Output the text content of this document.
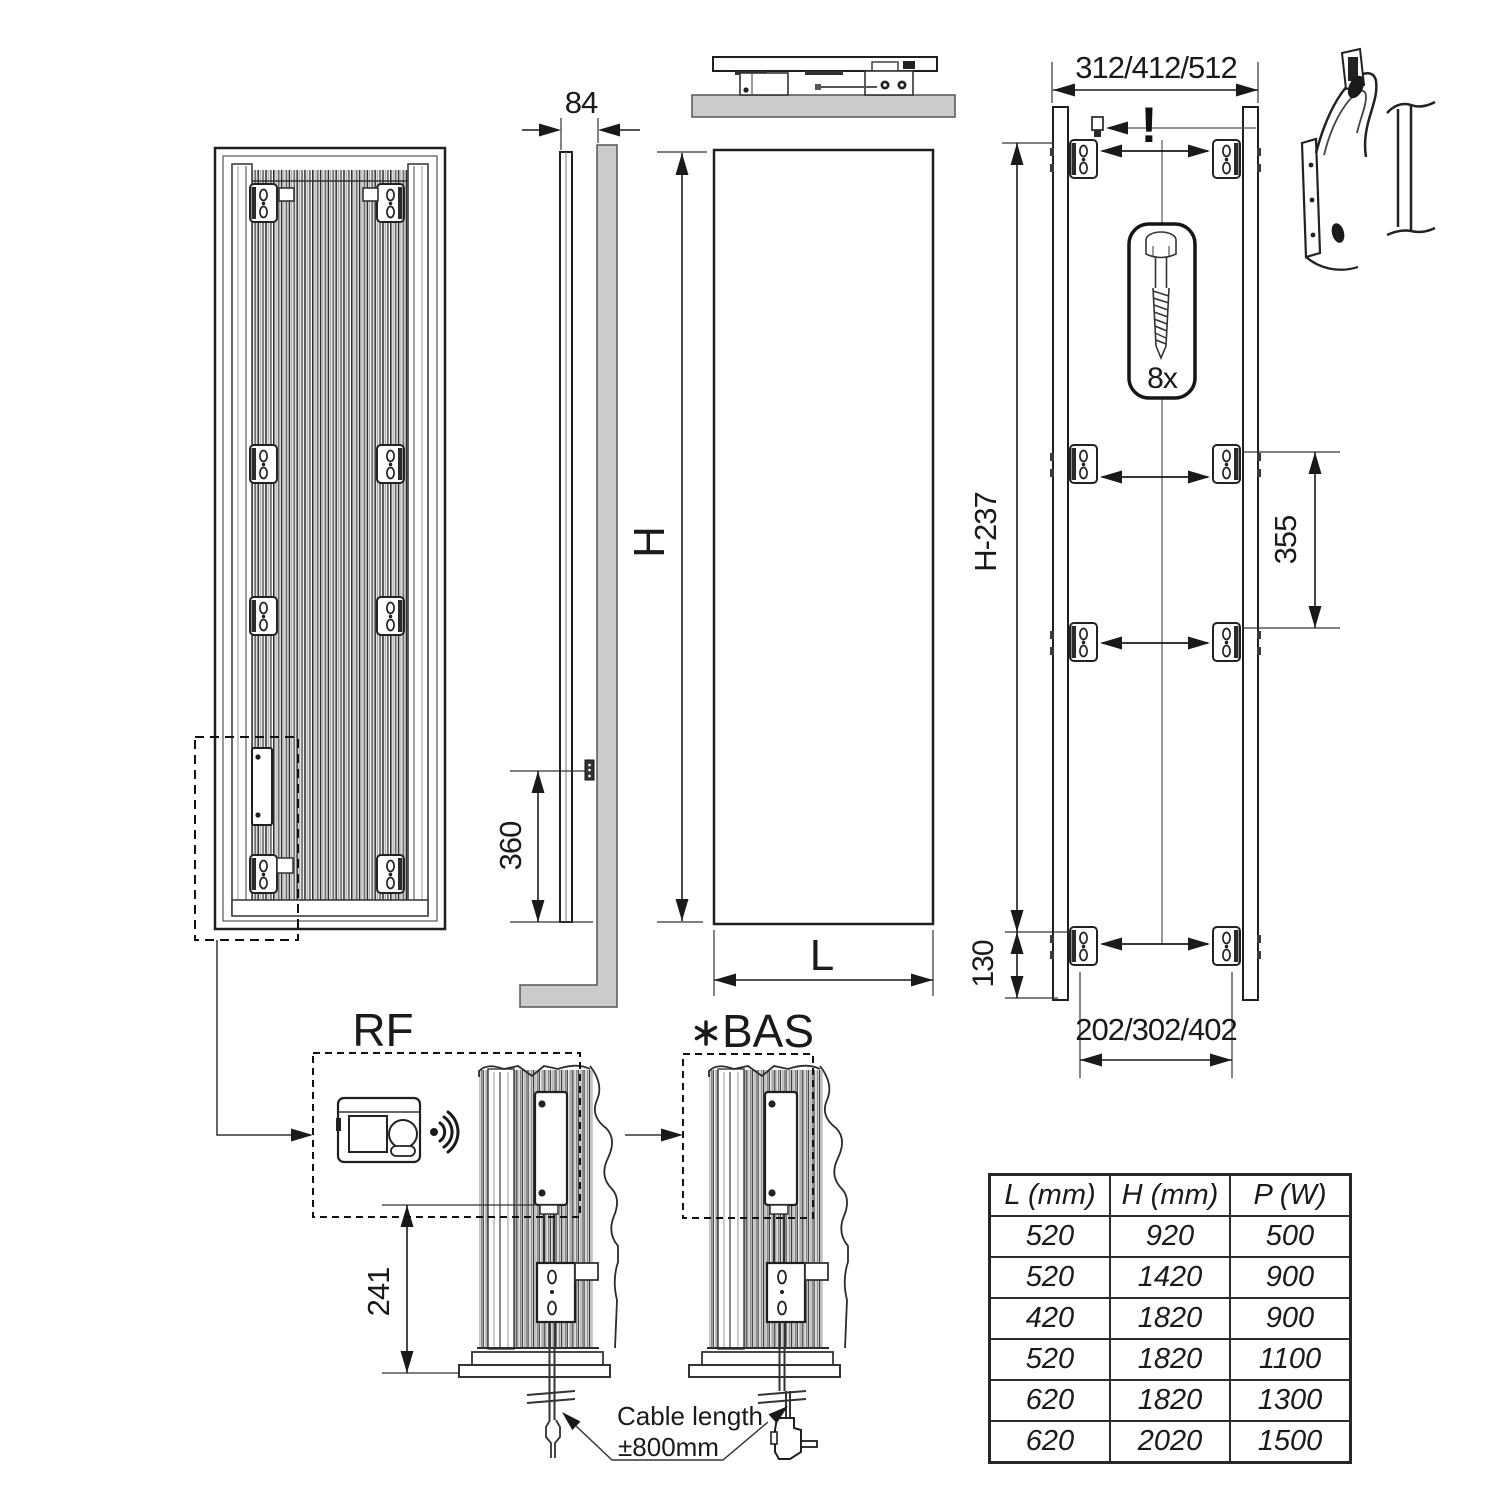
84
360
H
L
!
312/412/512
H-237
130
355
202/302/402
8x
241
RF	BAS
Cable length
±800mm
L (mm)	H (mm)	P (W)
520	920	500
520	1420	900
420	1820	900
520	1820	1100
620	1820	1300
620	2020	1500
